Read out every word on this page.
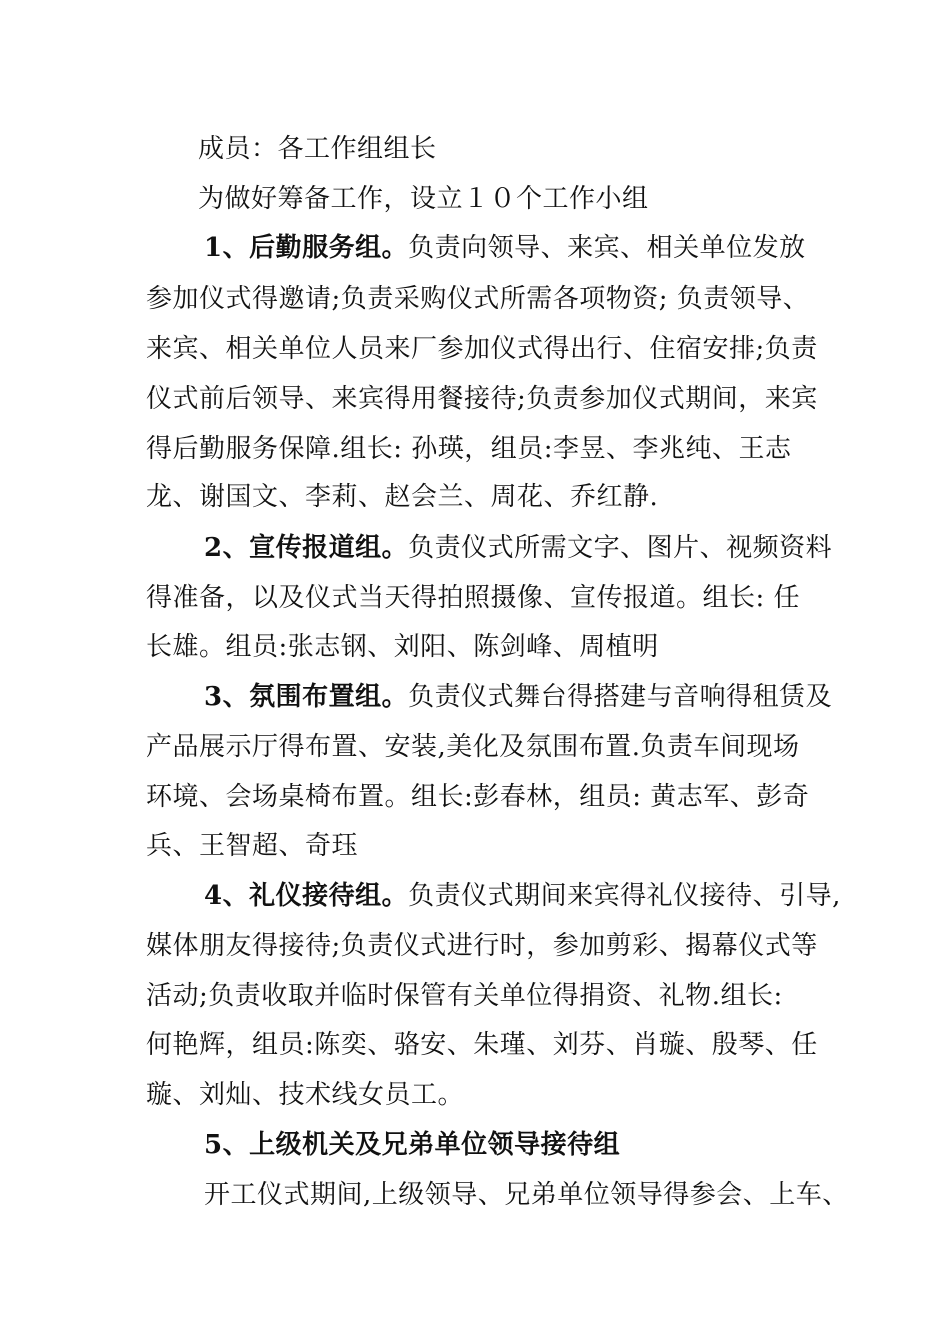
成员：各工作组组长
为做好筹备工作，设立１０个工作小组
1、后勤服务组。负责向领导、来宾、相关单位发放
参加仪式得邀请;负责采购仪式所需各项物资; 负责领导、
来宾、相关单位人员来厂参加仪式得出行、住宿安排;负责
仪式前后领导、来宾得用餐接待;负责参加仪式期间，来宾
得后勤服务保障.组长: 孙瑛，组员:李昱、李兆纯、王志
龙、谢国文、李莉、赵会兰、周花、乔红静.
2、宣传报道组。负责仪式所需文字、图片、视频资料
得准备，以及仪式当天得拍照摄像、宣传报道。组长: 任
长雄。组员:张志钢、刘阳、陈剑峰、周植明
3、氛围布置组。负责仪式舞台得搭建与音响得租赁及
产品展示厅得布置、安装,美化及氛围布置.负责车间现场
环境、会场桌椅布置。组长:彭春林，组员: 黄志军、彭奇
兵、王智超、奇珏
4、礼仪接待组。负责仪式期间来宾得礼仪接待、引导,
媒体朋友得接待;负责仪式进行时，参加剪彩、揭幕仪式等
活动;负责收取并临时保管有关单位得捐资、礼物.组长:
何艳辉，组员:陈奕、骆安、朱瑾、刘芬、肖璇、殷琴、任
璇、刘灿、技术线女员工。
5、上级机关及兄弟单位领导接待组
开工仪式期间,上级领导、兄弟单位领导得参会、上车、
